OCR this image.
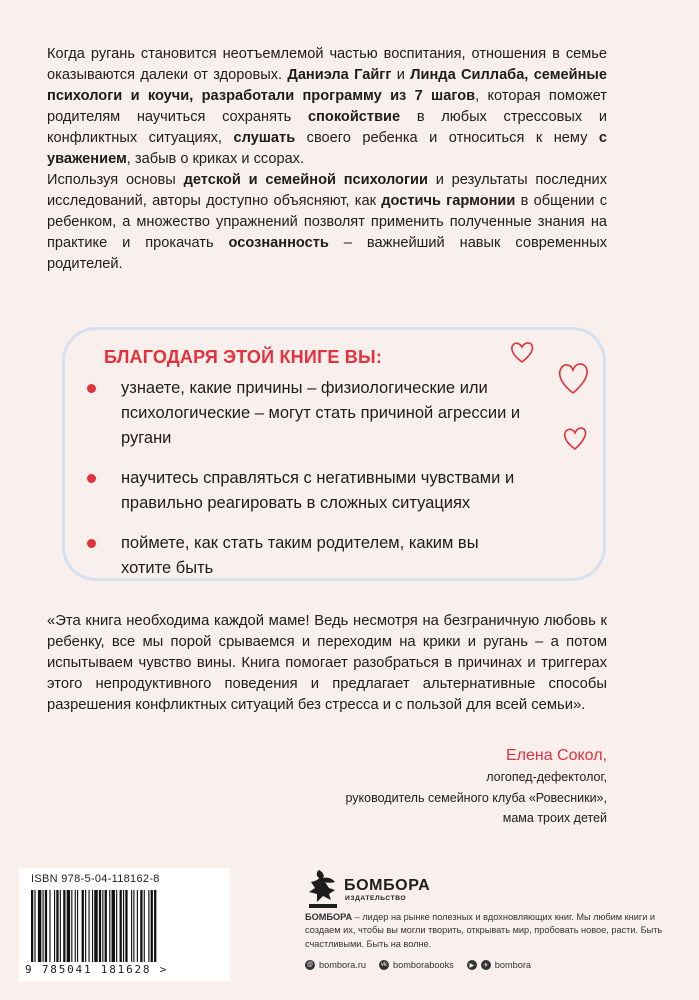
Когда ругань становится неотъемлемой частью воспитания, отношения в семье оказываются далеки от здоровых. Даниэла Гайгг и Линда Силлаба, семейные психологи и коучи, разработали программу из 7 шагов, которая поможет родителям научиться сохранять спокойствие в любых стрессовых и конфликтных ситуациях, слушать своего ребенка и относиться к нему с уважением, забыв о криках и ссорах.

Используя основы детской и семейной психологии и результаты последних исследований, авторы доступно объясняют, как достичь гармонии в общении с ребенком, а множество упражнений позволят применить полученные знания на практике и прокачать осознанность – важнейший навык современных родителей.

БЛАГОДАРЯ ЭТОЙ КНИГЕ ВЫ:
узнаете, какие причины – физиологические или психологические – могут стать причиной агрессии и ругани
научитесь справляться с негативными чувствами и правильно реагировать в сложных ситуациях
поймете, как стать таким родителем, каким вы хотите быть

«Эта книга необходима каждой маме! Ведь несмотря на безграничную любовь к ребенку, все мы порой срываемся и переходим на крики и ругань – а потом испытываем чувство вины. Книга помогает разобраться в причинах и триггерах этого непродуктивного поведения и предлагает альтернативные способы разрешения конфликтных ситуаций без стресса и с пользой для всей семьи».

Елена Сокол,
логопед-дефектолог,
руководитель семейного клуба «Ровесники»,
мама троих детей
ISBN 978-5-04-118162-8
9 785041 181628 >
БОМБОРА
ИЗДАТЕЛЬСТВО
БОМБОРА – лидер на рынке полезных и вдохновляющих книг. Мы любим книги и создаем их, чтобы вы могли творить, открывать мир, пробовать новое, расти. Быть счастливыми. Быть на волне.
@ bombora.ru	vk bomborabooks	▶	✈ bombora
